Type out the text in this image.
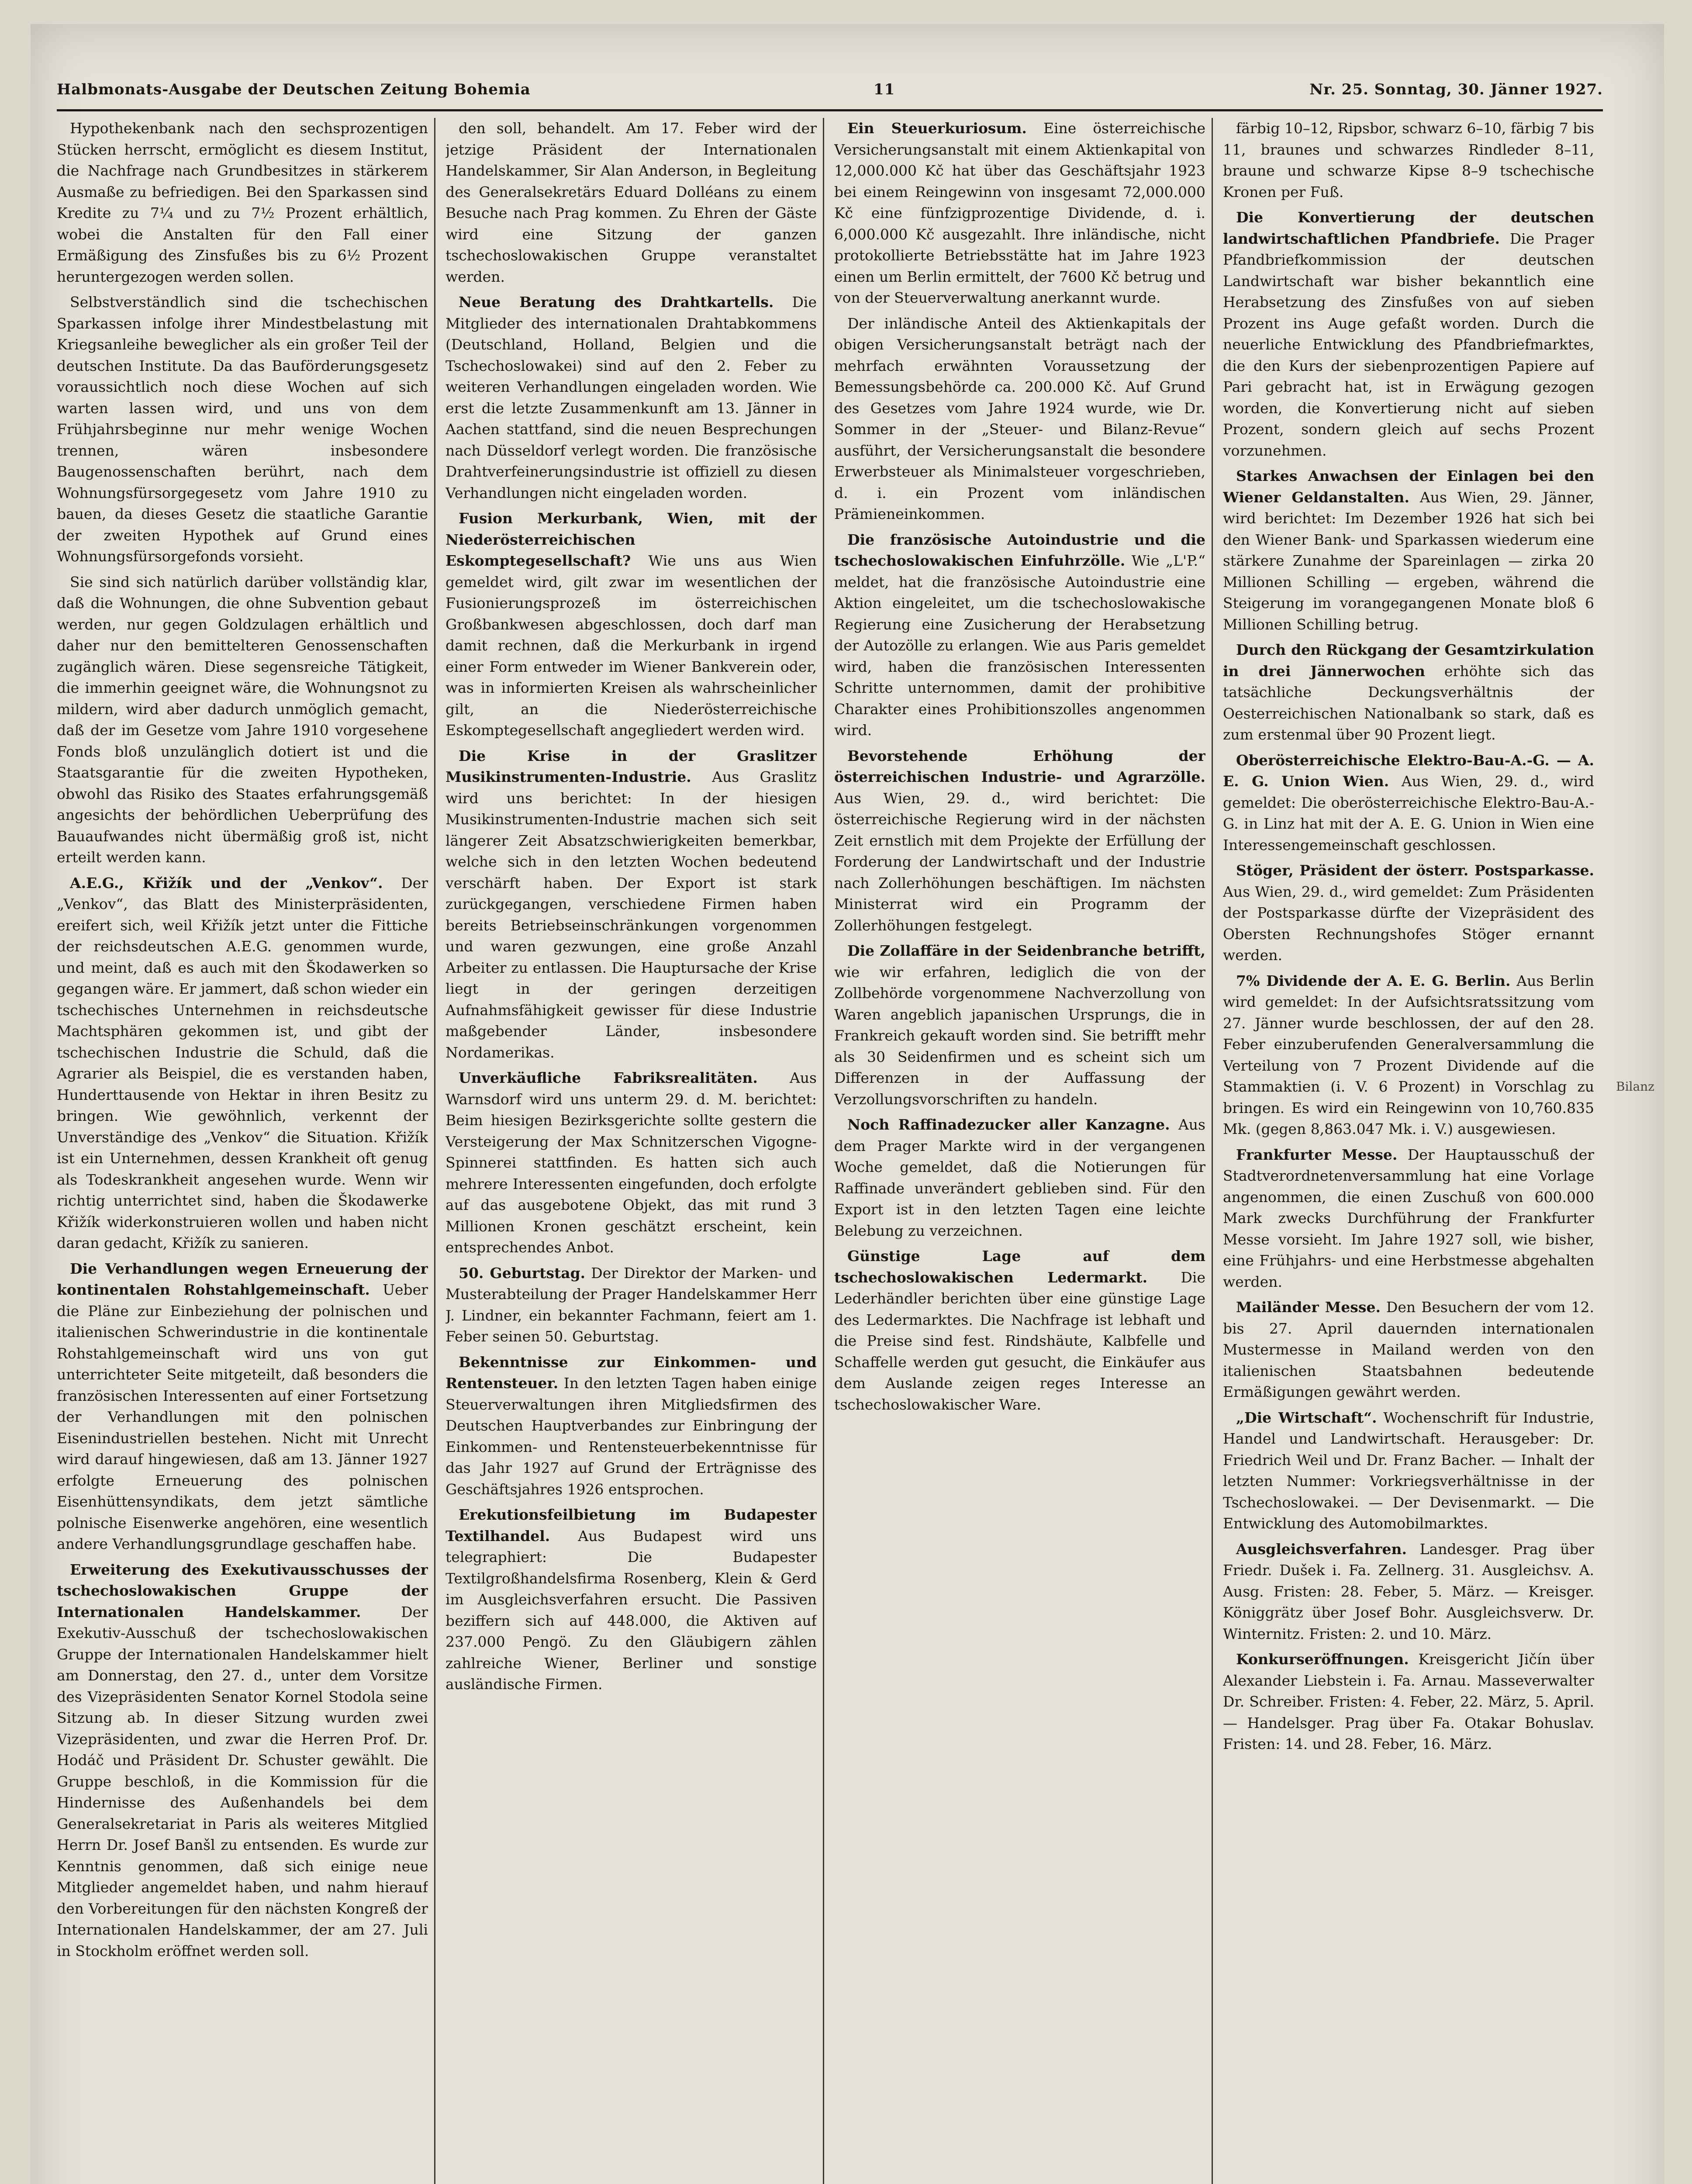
Halbmonats-Ausgabe der Deutschen Zeitung Bohemia	11	Nr. 25. Sonntag, 30. Jänner 1927.

Hypothekenbank nach den sechsprozentigen Stücken herrscht, ermöglicht es diesem Institut, die Nachfrage nach Grundbesitzes in stärkerem Ausmaße zu befriedigen. Bei den Sparkassen sind Kredite zu 7¼ und zu 7½ Prozent erhältlich, wobei die Anstalten für den Fall einer Ermäßigung des Zinsfußes bis zu 6½ Prozent heruntergezogen werden sollen.

Selbstverständlich sind die tschechischen Sparkassen infolge ihrer Mindestbelastung mit Kriegsanleihe beweglicher als ein großer Teil der deutschen Institute. Da das Bauförderungsgesetz voraussichtlich noch diese Wochen auf sich warten lassen wird, und uns von dem Frühjahrsbeginne nur mehr wenige Wochen trennen, wären insbesondere Baugenossenschaften berührt, nach dem Wohnungsfürsorgegesetz vom Jahre 1910 zu bauen, da dieses Gesetz die staatliche Garantie der zweiten Hypothek auf Grund eines Wohnungsfürsorgefonds vorsieht.

Sie sind sich natürlich darüber vollständig klar, daß die Wohnungen, die ohne Subvention gebaut werden, nur gegen Goldzulagen erhältlich und daher nur den bemittelteren Genossenschaften zugänglich wären. Diese segensreiche Tätigkeit, die immerhin geeignet wäre, die Wohnungsnot zu mildern, wird aber dadurch unmöglich gemacht, daß der im Gesetze vom Jahre 1910 vorgesehene Fonds bloß unzulänglich dotiert ist und die Staatsgarantie für die zweiten Hypotheken, obwohl das Risiko des Staates erfahrungsgemäß angesichts der behördlichen Ueberprüfung des Bauaufwandes nicht übermäßig groß ist, nicht erteilt werden kann.

A.E.G., Křižík und der „Venkov“. Der „Venkov“, das Blatt des Ministerpräsidenten, ereifert sich, weil Křižík jetzt unter die Fittiche der reichsdeutschen A.E.G. genommen wurde, und meint, daß es auch mit den Škodawerken so gegangen wäre. Er jammert, daß schon wieder ein tschechisches Unternehmen in reichsdeutsche Machtsphären gekommen ist, und gibt der tschechischen Industrie die Schuld, daß die Agrarier als Beispiel, die es verstanden haben, Hunderttausende von Hektar in ihren Besitz zu bringen. Wie gewöhnlich, verkennt der Unverständige des „Venkov“ die Situation. Křižík ist ein Unternehmen, dessen Krankheit oft genug als Todeskrankheit angesehen wurde. Wenn wir richtig unterrichtet sind, haben die Škodawerke Křižík widerkonstruieren wollen und haben nicht daran gedacht, Křižík zu sanieren.

Die Verhandlungen wegen Erneuerung der kontinentalen Rohstahlgemeinschaft. Ueber die Pläne zur Einbeziehung der polnischen und italienischen Schwerindustrie in die kontinentale Rohstahlgemeinschaft wird uns von gut unterrichteter Seite mitgeteilt, daß besonders die französischen Interessenten auf einer Fortsetzung der Verhandlungen mit den polnischen Eisenindustriellen bestehen. Nicht mit Unrecht wird darauf hingewiesen, daß am 13. Jänner 1927 erfolgte Erneuerung des polnischen Eisenhüttensyndikats, dem jetzt sämtliche polnische Eisenwerke angehören, eine wesentlich andere Verhandlungsgrundlage geschaffen habe.

Erweiterung des Exekutivausschusses der tschechoslowakischen Gruppe der Internationalen Handelskammer.	Der Exekutiv-Ausschuß der tschechoslowakischen Gruppe der Internationalen Handelskammer hielt am Donnerstag, den 27. d., unter dem Vorsitze des Vizepräsidenten Senator Kornel Stodola seine Sitzung ab. In dieser Sitzung wurden zwei Vizepräsidenten, und zwar die Herren Prof. Dr. Hodáč und Präsident Dr. Schuster gewählt. Die Gruppe beschloß, in die Kommission für die Hindernisse des Außenhandels bei dem Generalsekretariat in Paris als weiteres Mitglied Herrn Dr. Josef Banšl zu entsenden. Es wurde zur Kenntnis genommen, daß sich einige neue Mitglieder angemeldet haben, und nahm hierauf den Vorbereitungen für den nächsten Kongreß der Internationalen Handelskammer, der am 27. Juli in Stockholm eröffnet werden soll.

den soll, behandelt. Am 17. Feber wird der jetzige Präsident der Internationalen Handelskammer, Sir Alan Anderson, in Begleitung des Generalsekretärs Eduard Dolléans zu einem Besuche nach Prag kommen. Zu Ehren der Gäste wird eine Sitzung der ganzen tschechoslowakischen Gruppe veranstaltet werden.

Neue Beratung des Drahtkartells. Die Mitglieder des internationalen Drahtabkommens (Deutschland, Holland, Belgien und die Tschechoslowakei) sind auf den 2. Feber zu weiteren Verhandlungen eingeladen worden. Wie erst die letzte Zusammenkunft am 13. Jänner in Aachen stattfand, sind die neuen Besprechungen nach Düsseldorf verlegt worden. Die französische Drahtverfeinerungsindustrie ist offiziell zu diesen Verhandlungen nicht eingeladen worden.

Fusion Merkurbank, Wien, mit der Niederösterreichischen Eskomptegesellschaft? Wie uns aus Wien gemeldet wird, gilt zwar im wesentlichen der Fusionierungsprozeß im österreichischen Großbankwesen abgeschlossen, doch darf man damit rechnen, daß die Merkurbank in irgend einer Form entweder im Wiener Bankverein oder, was in informierten Kreisen als wahrscheinlicher gilt, an die Niederösterreichische Eskomptegesellschaft angegliedert werden wird.

Die Krise in der Graslitzer Musikinstrumenten-Industrie. Aus Graslitz wird uns berichtet: In der hiesigen Musikinstrumenten-Industrie machen sich seit längerer Zeit Absatzschwierigkeiten bemerkbar, welche sich in den letzten Wochen bedeutend verschärft haben. Der Export ist stark zurückgegangen, verschiedene Firmen haben bereits Betriebseinschränkungen vorgenommen und waren gezwungen, eine große Anzahl Arbeiter zu entlassen. Die Hauptursache der Krise liegt in der geringen derzeitigen Aufnahmsfähigkeit gewisser für diese Industrie maßgebender Länder, insbesondere Nordamerikas.

Unverkäufliche Fabriksrealitäten. Aus Warnsdorf wird uns unterm 29. d. M. berichtet: Beim hiesigen Bezirksgerichte sollte gestern die Versteigerung der Max Schnitzerschen Vigogne-Spinnerei stattfinden. Es hatten sich auch mehrere Interessenten eingefunden, doch erfolgte auf das ausgebotene Objekt, das mit rund 3 Millionen Kronen geschätzt erscheint, kein entsprechendes Anbot.

50. Geburtstag. Der Direktor der Marken- und Musterabteilung der Prager Handelskammer Herr J. Lindner, ein bekannter Fachmann, feiert am 1. Feber seinen 50. Geburtstag.

Bekenntnisse zur Einkommen- und Rentensteuer. In den letzten Tagen haben einige Steuerverwaltungen ihren Mitgliedsfirmen des Deutschen Hauptverbandes zur Einbringung der Einkommen- und Rentensteuerbekenntnisse für das Jahr 1927 auf Grund der Erträgnisse des Geschäftsjahres 1926 entsprochen.

Erekutionsfeilbietung im Budapester Textilhandel. Aus Budapest wird uns telegraphiert: Die Budapester Textilgroßhandelsfirma Rosenberg, Klein & Gerd im Ausgleichsverfahren ersucht. Die Passiven beziffern sich auf 448.000, die Aktiven auf 237.000 Pengö. Zu den Gläubigern zählen zahlreiche Wiener, Berliner und sonstige ausländische Firmen.

Ein Steuerkuriosum. Eine österreichische Versicherungsanstalt mit einem Aktienkapital von 12,000.000 Kč hat über das Geschäftsjahr 1923 bei einem Reingewinn von insgesamt 72,000.000 Kč eine fünfzigprozentige Dividende, d. i. 6,000.000 Kč ausgezahlt. Ihre inländische, nicht protokollierte Betriebsstätte hat im Jahre 1923 einen um Berlin ermittelt, der 7600 Kč betrug und von der Steuerverwaltung anerkannt wurde.

Der inländische Anteil des Aktienkapitals der obigen Versicherungsanstalt beträgt nach der mehrfach erwähnten Voraussetzung der Bemessungsbehörde ca. 200.000 Kč. Auf Grund des Gesetzes vom Jahre 1924 wurde, wie Dr. Sommer in der „Steuer- und Bilanz-Revue“ ausführt, der Versicherungsanstalt die besondere Erwerbsteuer als Minimalsteuer vorgeschrieben, d. i. ein Prozent vom inländischen Prämieneinkommen.

Die französische Autoindustrie und die tschechoslowakischen Einfuhrzölle. Wie „L'P.“ meldet, hat die französische Autoindustrie eine Aktion eingeleitet, um die tschechoslowakische Regierung eine Zusicherung der Herabsetzung der Autozölle zu erlangen. Wie aus Paris gemeldet wird, haben die französischen Interessenten Schritte unternommen, damit der prohibitive Charakter eines Prohibitionszolles angenommen wird.

Bevorstehende Erhöhung der österreichischen Industrie- und Agrarzölle. Aus Wien, 29. d., wird berichtet: Die österreichische Regierung wird in der nächsten Zeit ernstlich mit dem Projekte der Erfüllung der Forderung der Landwirtschaft und der Industrie nach Zollerhöhungen beschäftigen. Im nächsten Ministerrat wird ein Programm der Zollerhöhungen festgelegt.

Die Zollaffäre in der Seidenbranche betrifft, wie wir erfahren, lediglich die von der Zollbehörde vorgenommene Nachverzollung von Waren angeblich japanischen Ursprungs, die in Frankreich gekauft worden sind. Sie betrifft mehr als 30 Seidenfirmen und es scheint sich um Differenzen in der Auffassung der Verzollungsvorschriften zu handeln.

Noch Raffinadezucker aller Kanzagne. Aus dem Prager Markte wird in der vergangenen Woche gemeldet, daß die Notierungen für Raffinade unverändert geblieben sind. Für den Export ist in den letzten Tagen eine leichte Belebung zu verzeichnen.

Günstige Lage auf dem tschechoslowakischen Ledermarkt. Die Lederhändler berichten über eine günstige Lage des Ledermarktes. Die Nachfrage ist lebhaft und die Preise sind fest. Rindshäute, Kalbfelle und Schaffelle werden gut gesucht, die Einkäufer aus dem Auslande zeigen reges Interesse an tschechoslowakischer Ware.

färbig 10–12, Ripsbor, schwarz 6–10, färbig 7 bis 11, braunes und schwarzes Rindleder 8–11, braune und schwarze Kipse 8–9 tschechische Kronen per Fuß.

Die Konvertierung der deutschen landwirtschaftlichen Pfandbriefe. Die Prager Pfandbriefkommission der deutschen Landwirtschaft war bisher bekanntlich eine Herabsetzung des Zinsfußes von auf sieben Prozent ins Auge gefaßt worden. Durch die neuerliche Entwicklung des Pfandbriefmarktes, die den Kurs der siebenprozentigen Papiere auf Pari gebracht hat, ist in Erwägung gezogen worden, die Konvertierung nicht auf sieben Prozent, sondern gleich auf sechs Prozent vorzunehmen.

Starkes Anwachsen der Einlagen bei den Wiener Geldanstalten. Aus Wien, 29. Jänner, wird berichtet: Im Dezember 1926 hat sich bei den Wiener Bank- und Sparkassen wiederum eine stärkere Zunahme der Spareinlagen — zirka 20 Millionen Schilling — ergeben, während die Steigerung im vorangegangenen Monate bloß 6 Millionen Schilling betrug.

Durch den Rückgang der Gesamtzirkulation in drei Jännerwochen erhöhte sich das tatsächliche Deckungsverhältnis der Oesterreichischen Nationalbank so stark, daß es zum erstenmal über 90 Prozent liegt.

Oberösterreichische Elektro-Bau-A.-G. — A. E. G. Union Wien. Aus Wien, 29. d., wird gemeldet: Die oberösterreichische Elektro-Bau-A.-G. in Linz hat mit der A. E. G. Union in Wien eine Interessengemeinschaft geschlossen.

Stöger, Präsident der österr. Postsparkasse. Aus Wien, 29. d., wird gemeldet: Zum Präsidenten der Postsparkasse dürfte der Vizepräsident des Obersten Rechnungshofes Stöger ernannt werden.

7% Dividende der A. E. G. Berlin. Aus Berlin wird gemeldet: In der Aufsichtsratssitzung vom 27. Jänner wurde beschlossen, der auf den 28. Feber einzuberufenden Generalversammlung die Verteilung von 7 Prozent Dividende auf die Stammaktien (i. V. 6 Prozent) in Vorschlag zu bringen. Es wird ein Reingewinn von 10,760.835 Mk. (gegen 8,863.047 Mk. i. V.) ausgewiesen.

Frankfurter Messe. Der Hauptausschuß der Stadtverordnetenversammlung hat eine Vorlage angenommen, die einen Zuschuß von 600.000 Mark zwecks Durchführung der Frankfurter Messe vorsieht. Im Jahre 1927 soll, wie bisher, eine Frühjahrs- und eine Herbstmesse abgehalten werden.

Mailänder Messe. Den Besuchern der vom 12. bis 27. April dauernden internationalen Mustermesse in Mailand werden von den italienischen Staatsbahnen bedeutende Ermäßigungen gewährt werden.

„Die Wirtschaft“. Wochenschrift für Industrie, Handel und Landwirtschaft. Herausgeber: Dr. Friedrich Weil und Dr. Franz Bacher. — Inhalt der letzten Nummer: Vorkriegsverhältnisse in der Tschechoslowakei. — Der Devisenmarkt. — Die Entwicklung des Automobilmarktes.

Ausgleichsverfahren. Landesger. Prag über Friedr. Dušek i. Fa. Zellnerg. 31. Ausgleichsv. A. Ausg. Fristen: 28. Feber, 5. März. — Kreisger. Königgrätz über Josef Bohr. Ausgleichsverw. Dr. Winternitz. Fristen: 2. und 10. März.

Konkurseröffnungen. Kreisgericht Jičín über Alexander Liebstein i. Fa. Arnau. Masseverwalter Dr. Schreiber. Fristen: 4. Feber, 22. März, 5. April. — Handelsger. Prag über Fa. Otakar Bohuslav. Fristen: 14. und 28. Feber, 16. März.

Bilanz
